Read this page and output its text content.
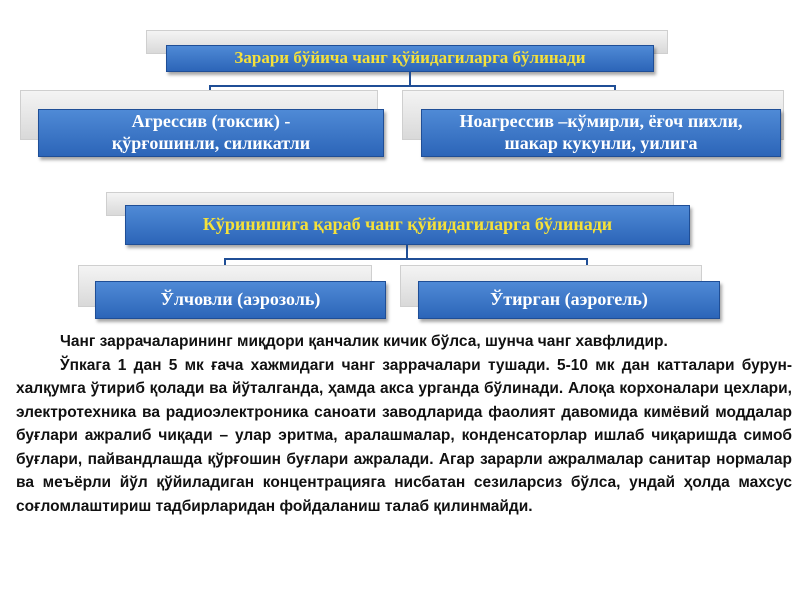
Зарари бўйича чанг қўйидагиларга бўлинади
Агрессив (токсик) - қўрғошинли, силикатли
Ноагрессив –кўмирли, ёғоч пихли, шакар кукунли, уилига
Кўринишига қараб чанг қўйидагиларга бўлинади
Ўлчовли (аэрозоль)	Ўтирган (аэрогель)

Чанг заррачаларининг миқдори қанчалик кичик бўлса, шунча чанг хавфлидир.

Ўпкага 1 дан 5 мк ғача хажмидаги чанг заррачалари тушади. 5-10 мк дан катталари бурун- халқумга ўтириб қолади ва йўталганда, ҳамда акса урганда бўлинади. Алоқа корхоналари цехлари, электротехника ва радиоэлектроника саноати заводларида фаолият давомида кимёвий моддалар буғлари ажралиб чиқади – улар эритма, аралашмалар, конденсаторлар ишлаб чиқаришда симоб буғлари, пайвандлашда қўрғошин буғлари ажралади. Агар зарарли ажралмалар санитар нормалар ва меъёрли йўл қўйиладиган концентрацияга нисбатан сезиларсиз бўлса, ундай ҳолда махсус соғломлаштириш тадбирларидан фойдаланиш талаб қилинмайди.
